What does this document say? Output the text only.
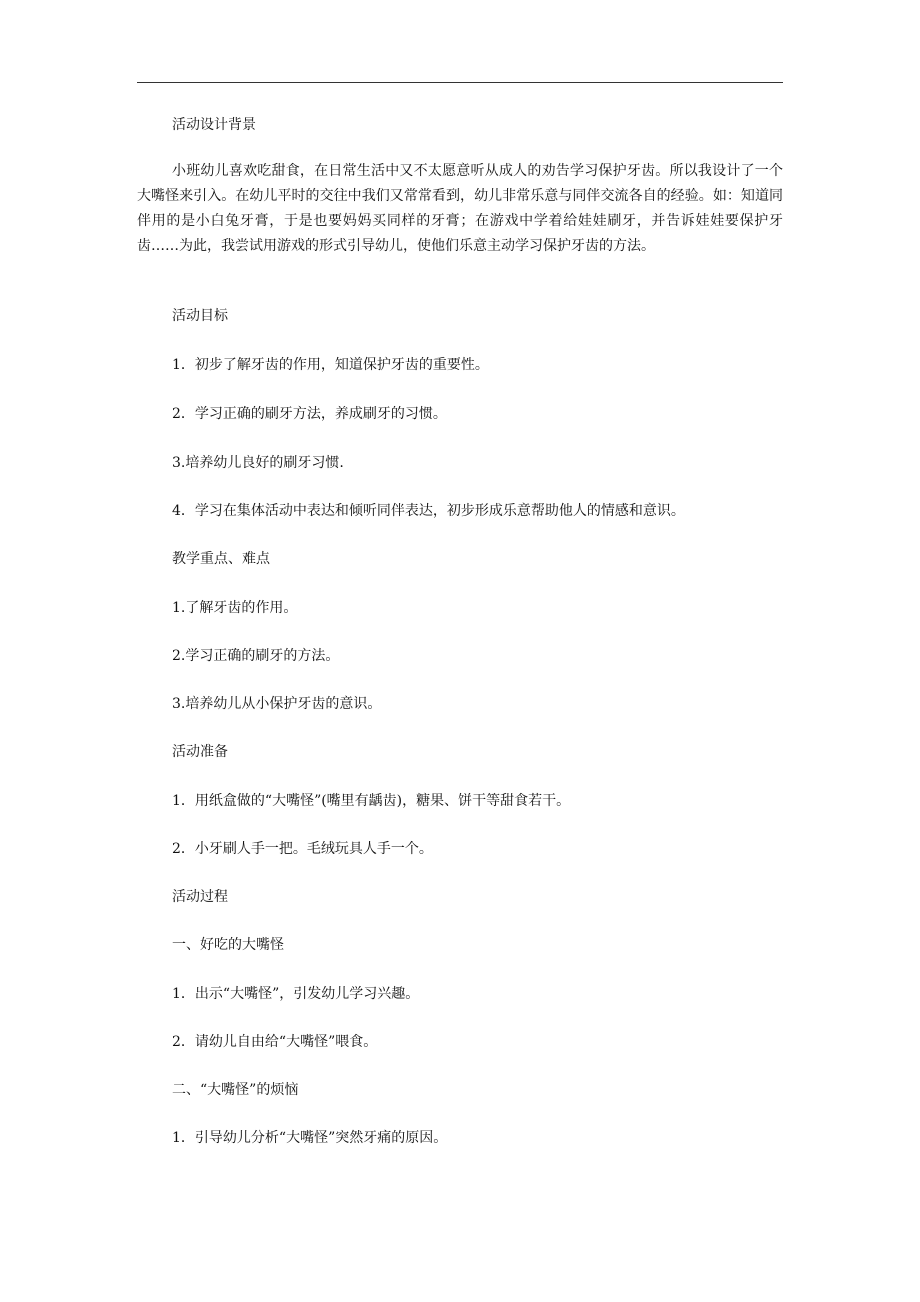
活动设计背景
小班幼儿喜欢吃甜食，在日常生活中又不太愿意听从成人的劝告学习保护牙齿。所以我设计了一个大嘴怪来引入。在幼儿平时的交往中我们又常常看到，幼儿非常乐意与同伴交流各自的经验。如：知道同伴用的是小白兔牙膏，于是也要妈妈买同样的牙膏；在游戏中学着给娃娃刷牙，并告诉娃娃要保护牙齿……为此，我尝试用游戏的形式引导幼儿，使他们乐意主动学习保护牙齿的方法。
活动目标
1．初步了解牙齿的作用，知道保护牙齿的重要性。
2．学习正确的刷牙方法，养成刷牙的习惯。
3.培养幼儿良好的刷牙习惯.
4．学习在集体活动中表达和倾听同伴表达，初步形成乐意帮助他人的情感和意识。
教学重点、难点
1.了解牙齿的作用。
2.学习正确的刷牙的方法。
3.培养幼儿从小保护牙齿的意识。
活动准备
1．用纸盒做的“大嘴怪”(嘴里有龋齿)，糖果、饼干等甜食若干。
2．小牙刷人手一把。毛绒玩具人手一个。
活动过程
一、好吃的大嘴怪
1．出示“大嘴怪”，引发幼儿学习兴趣。
2．请幼儿自由给“大嘴怪”喂食。
二、“大嘴怪”的烦恼
1．引导幼儿分析“大嘴怪”突然牙痛的原因。
